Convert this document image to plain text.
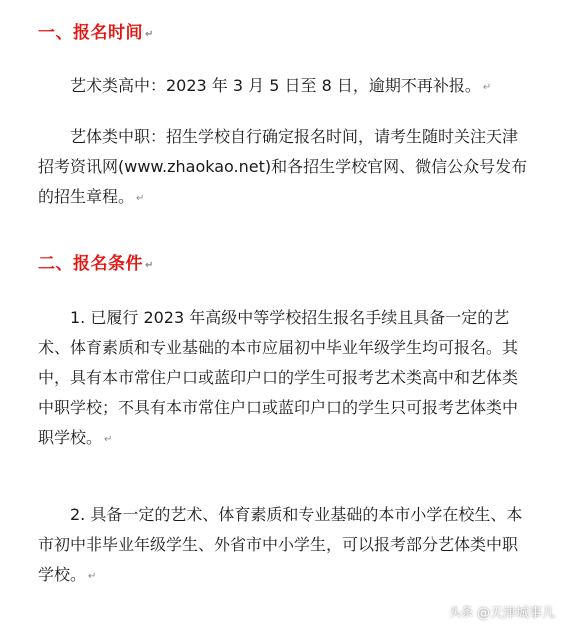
一、报名时间 ↵
艺术类高中：2023 年 3 月 5 日至 8 日，逾期不再补报。 ↵
艺体类中职：招生学校自行确定报名时间，请考生随时关注天津招考资讯网(www.zhaokao.net)和各招生学校官网、微信公众号发布的招生章程。 ↵
二、报名条件 ↵
1. 已履行 2023 年高级中等学校招生报名手续且具备一定的艺术、体育素质和专业基础的本市应届初中毕业年级学生均可报名。其中，具有本市常住户口或蓝印户口的学生可报考艺术类高中和艺体类中职学校；不具有本市常住户口或蓝印户口的学生只可报考艺体类中职学校。 ↵
2. 具备一定的艺术、体育素质和专业基础的本市小学在校生、本市初中非毕业年级学生、外省市中小学生，可以报考部分艺体类中职学校。 ↵
头条 @天津城事儿
